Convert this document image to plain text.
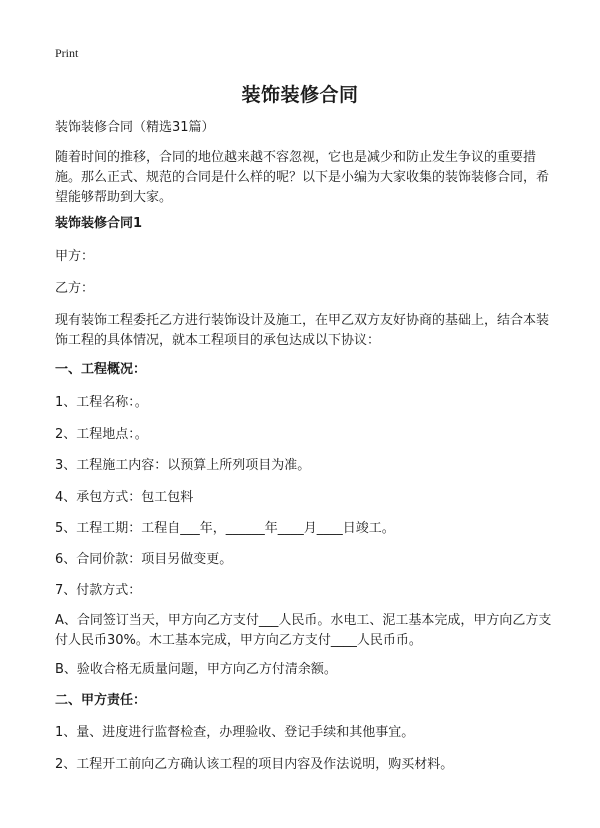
Print
装饰装修合同

装饰装修合同（精选31篇）

随着时间的推移，合同的地位越来越不容忽视，它也是减少和防止发生争议的重要措施。那么正式、规范的合同是什么样的呢？以下是小编为大家收集的装饰装修合同，希望能够帮助到大家。

装饰装修合同1

甲方：

乙方：

现有装饰工程委托乙方进行装饰设计及施工，在甲乙双方友好协商的基础上，结合本装饰工程的具体情况，就本工程项目的承包达成以下协议：

一、工程概况：

1、工程名称：。

2、工程地点：。

3、工程施工内容：以预算上所列项目为准。

4、承包方式：包工包料

5、工程工期：工程自___年，______年____月____日竣工。

6、合同价款：项目另做变更。

7、付款方式：

A、合同签订当天，甲方向乙方支付___人民币。水电工、泥工基本完成，甲方向乙方支付人民币30%。木工基本完成，甲方向乙方支付____人民币币。

B、验收合格无质量问题，甲方向乙方付清余额。

二、甲方责任：

1、量、进度进行监督检查，办理验收、登记手续和其他事宜。

2、工程开工前向乙方确认该工程的项目内容及作法说明，购买材料。
